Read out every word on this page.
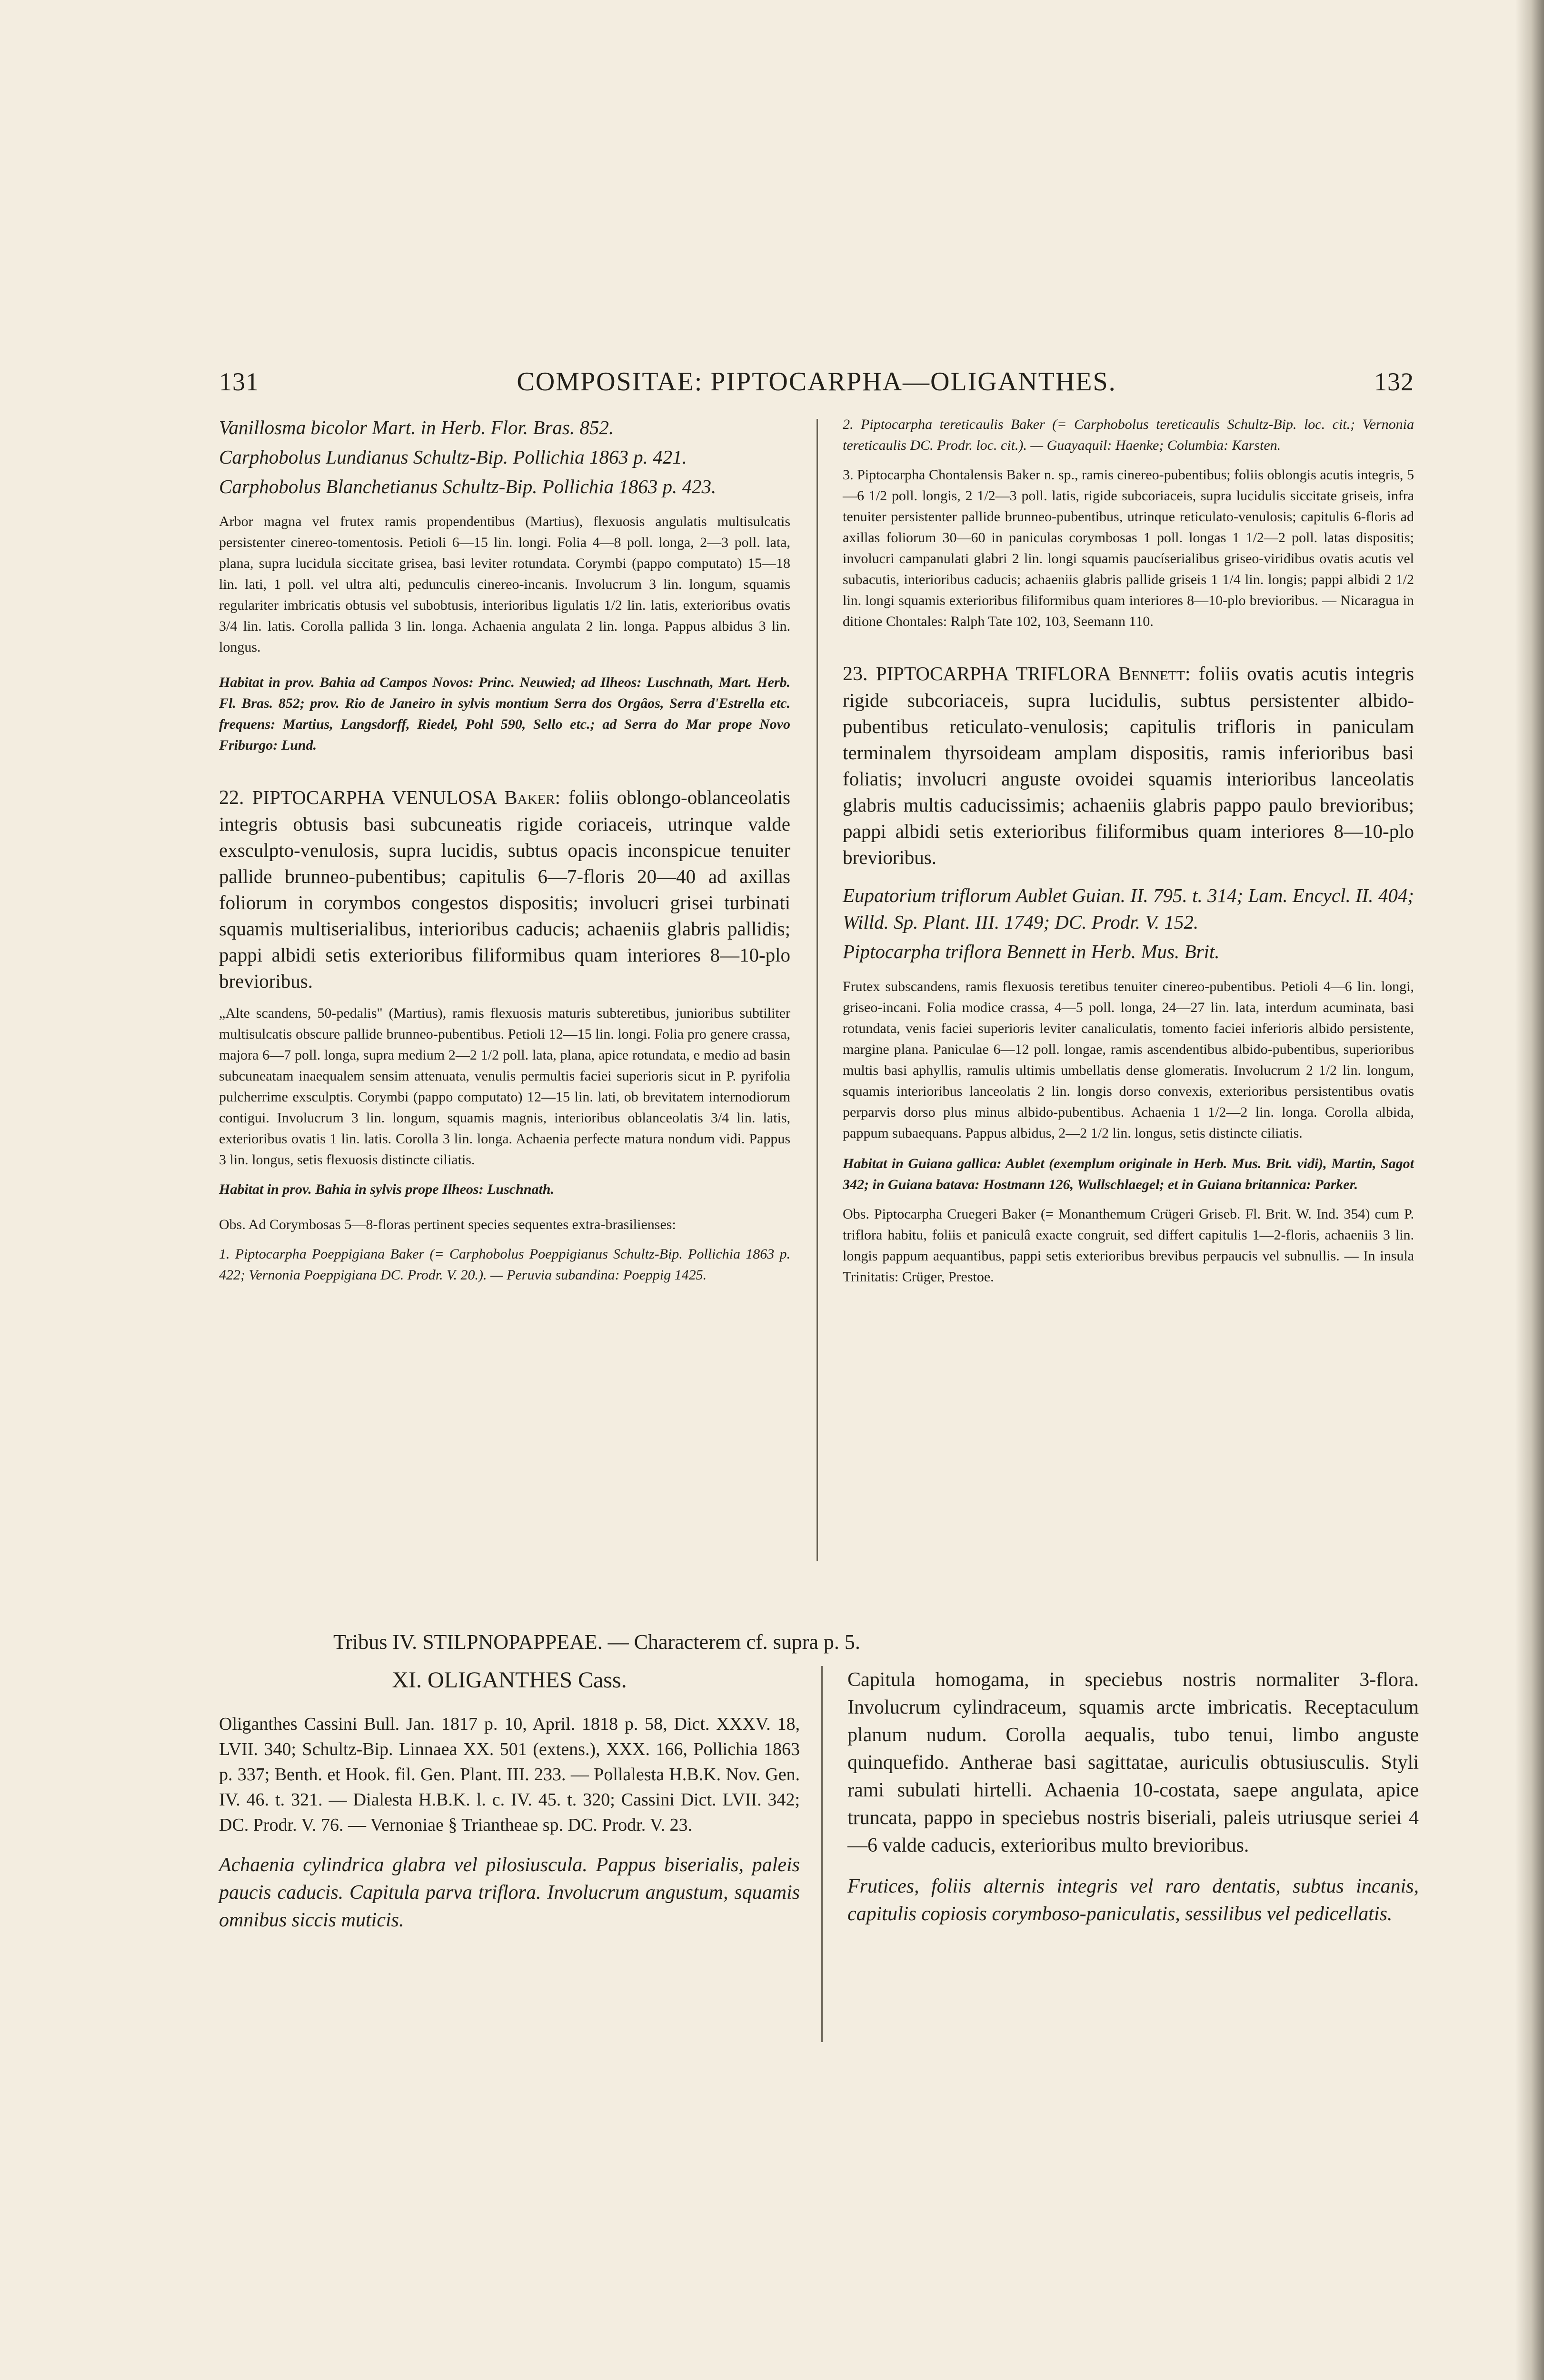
131	COMPOSITAE: PIPTOCARPHA—OLIGANTHES.	132

Vanillosma bicolor Mart. in Herb. Flor. Bras. 852.

Carphobolus Lundianus Schultz-Bip. Pollichia 1863 p. 421.

Carphobolus Blanchetianus Schultz-Bip. Pollichia 1863 p. 423.

Arbor magna vel frutex ramis propendentibus (Martius), flexuosis angulatis multisulcatis persistenter cinereo-tomentosis. Petioli 6—15 lin. longi. Folia 4—8 poll. longa, 2—3 poll. lata, plana, supra lucidula siccitate grisea, basi leviter rotundata. Corymbi (pappo computato) 15—18 lin. lati, 1 poll. vel ultra alti, pedunculis cinereo-incanis. Involucrum 3 lin. longum, squamis regulariter imbricatis obtusis vel subobtusis, interioribus ligulatis 1/2 lin. latis, exterioribus ovatis 3/4 lin. latis. Corolla pallida 3 lin. longa. Achaenia angulata 2 lin. longa. Pappus albidus 3 lin. longus.

Habitat in prov. Bahia ad Campos Novos: Princ. Neuwied; ad Ilheos: Luschnath, Mart. Herb. Fl. Bras. 852; prov. Rio de Janeiro in sylvis montium Serra dos Orgâos, Serra d'Estrella etc. frequens: Martius, Langsdorff, Riedel, Pohl 590, Sello etc.; ad Serra do Mar prope Novo Friburgo: Lund.

22. PIPTOCARPHA VENULOSA Baker: foliis oblongo-oblanceolatis integris obtusis basi subcuneatis rigide coriaceis, utrinque valde exsculpto-venulosis, supra lucidis, subtus opacis inconspicue tenuiter pallide brunneo-pubentibus; capitulis 6—7-floris 20—40 ad axillas foliorum in corymbos congestos dispositis; involucri grisei turbinati squamis multiserialibus, interioribus caducis; achaeniis glabris pallidis; pappi albidi setis exterioribus filiformibus quam interiores 8—10-plo brevioribus.

„Alte scandens, 50-pedalis" (Martius), ramis flexuosis maturis subteretibus, junioribus subtiliter multisulcatis obscure pallide brunneo-pubentibus. Petioli 12—15 lin. longi. Folia pro genere crassa, majora 6—7 poll. longa, supra medium 2—2 1/2 poll. lata, plana, apice rotundata, e medio ad basin subcuneatam inaequalem sensim attenuata, venulis permultis faciei superioris sicut in P. pyrifolia pulcherrime exsculptis. Corymbi (pappo computato) 12—15 lin. lati, ob brevitatem internodiorum contigui. Involucrum 3 lin. longum, squamis magnis, interioribus oblanceolatis 3/4 lin. latis, exterioribus ovatis 1 lin. latis. Corolla 3 lin. longa. Achaenia perfecte matura nondum vidi. Pappus 3 lin. longus, setis flexuosis distincte ciliatis.

Habitat in prov. Bahia in sylvis prope Ilheos: Luschnath.

Obs. Ad Corymbosas 5—8-floras pertinent species sequentes extra-brasilienses:

1. Piptocarpha Poeppigiana Baker (= Carphobolus Poeppigianus Schultz-Bip. Pollichia 1863 p. 422; Vernonia Poeppigiana DC. Prodr. V. 20.). — Peruvia subandina: Poeppig 1425.

2. Piptocarpha tereticaulis Baker (= Carphobolus tereticaulis Schultz-Bip. loc. cit.; Vernonia tereticaulis DC. Prodr. loc. cit.). — Guayaquil: Haenke; Columbia: Karsten.

3. Piptocarpha Chontalensis Baker n. sp., ramis cinereo-pubentibus; foliis oblongis acutis integris, 5—6 1/2 poll. longis, 2 1/2—3 poll. latis, rigide subcoriaceis, supra lucidulis siccitate griseis, infra tenuiter persistenter pallide brunneo-pubentibus, utrinque reticulato-venulosis; capitulis 6-floris ad axillas foliorum 30—60 in paniculas corymbosas 1 poll. longas 1 1/2—2 poll. latas dispositis; involucri campanulati glabri 2 lin. longi squamis paucíserialibus griseo-viridibus ovatis acutis vel subacutis, interioribus caducis; achaeniis glabris pallide griseis 1 1/4 lin. longis; pappi albidi 2 1/2 lin. longi squamis exterioribus filiformibus quam interiores 8—10-plo brevioribus. — Nicaragua in ditione Chontales: Ralph Tate 102, 103, Seemann 110.

23. PIPTOCARPHA TRIFLORA Bennett: foliis ovatis acutis integris rigide subcoriaceis, supra lucidulis, subtus persistenter albido-pubentibus reticulato-venulosis; capitulis trifloris in paniculam terminalem thyrsoideam amplam dispositis, ramis inferioribus basi foliatis; involucri anguste ovoidei squamis interioribus lanceolatis glabris multis caducissimis; achaeniis glabris pappo paulo brevioribus; pappi albidi setis exterioribus filiformibus quam interiores 8—10-plo brevioribus.

Eupatorium triflorum Aublet Guian. II. 795. t. 314; Lam. Encycl. II. 404; Willd. Sp. Plant. III. 1749; DC. Prodr. V. 152.

Piptocarpha triflora Bennett in Herb. Mus. Brit.

Frutex subscandens, ramis flexuosis teretibus tenuiter cinereo-pubentibus. Petioli 4—6 lin. longi, griseo-incani. Folia modice crassa, 4—5 poll. longa, 24—27 lin. lata, interdum acuminata, basi rotundata, venis faciei superioris leviter canaliculatis, tomento faciei inferioris albido persistente, margine plana. Paniculae 6—12 poll. longae, ramis ascendentibus albido-pubentibus, superioribus multis basi aphyllis, ramulis ultimis umbellatis dense glomeratis. Involucrum 2 1/2 lin. longum, squamis interioribus lanceolatis 2 lin. longis dorso convexis, exterioribus persistentibus ovatis perparvis dorso plus minus albido-pubentibus. Achaenia 1 1/2—2 lin. longa. Corolla albida, pappum subaequans. Pappus albidus, 2—2 1/2 lin. longus, setis distincte ciliatis.

Habitat in Guiana gallica: Aublet (exemplum originale in Herb. Mus. Brit. vidi), Martin, Sagot 342; in Guiana batava: Hostmann 126, Wullschlaegel; et in Guiana britannica: Parker.

Obs. Piptocarpha Cruegeri Baker (= Monanthemum Crügeri Griseb. Fl. Brit. W. Ind. 354) cum P. triflora habitu, foliis et paniculâ exacte congruit, sed differt capitulis 1—2-floris, achaeniis 3 lin. longis pappum aequantibus, pappi setis exterioribus brevibus perpaucis vel subnullis. — In insula Trinitatis: Crüger, Prestoe.

Tribus IV. STILPNOPAPPEAE. — Characterem cf. supra p. 5.

XI. OLIGANTHES Cass.

Oliganthes Cassini Bull. Jan. 1817 p. 10, April. 1818 p. 58, Dict. XXXV. 18, LVII. 340; Schultz-Bip. Linnaea XX. 501 (extens.), XXX. 166, Pollichia 1863 p. 337; Benth. et Hook. fil. Gen. Plant. III. 233. — Pollalesta H.B.K. Nov. Gen. IV. 46. t. 321. — Dialesta H.B.K. l. c. IV. 45. t. 320; Cassini Dict. LVII. 342; DC. Prodr. V. 76. — Vernoniae § Triantheae sp. DC. Prodr. V. 23.

Achaenia cylindrica glabra vel pilosiuscula. Pappus biserialis, paleis paucis caducis. Capitula parva triflora. Involucrum angustum, squamis omnibus siccis muticis.

Capitula homogama, in speciebus nostris normaliter 3-flora. Involucrum cylindraceum, squamis arcte imbricatis. Receptaculum planum nudum. Corolla aequalis, tubo tenui, limbo anguste quinquefido. Antherae basi sagittatae, auriculis obtusiusculis. Styli rami subulati hirtelli. Achaenia 10-costata, saepe angulata, apice truncata, pappo in speciebus nostris biseriali, paleis utriusque seriei 4—6 valde caducis, exterioribus multo brevioribus.

Frutices, foliis alternis integris vel raro dentatis, subtus incanis, capitulis copiosis corymboso-paniculatis, sessilibus vel pedicellatis.
